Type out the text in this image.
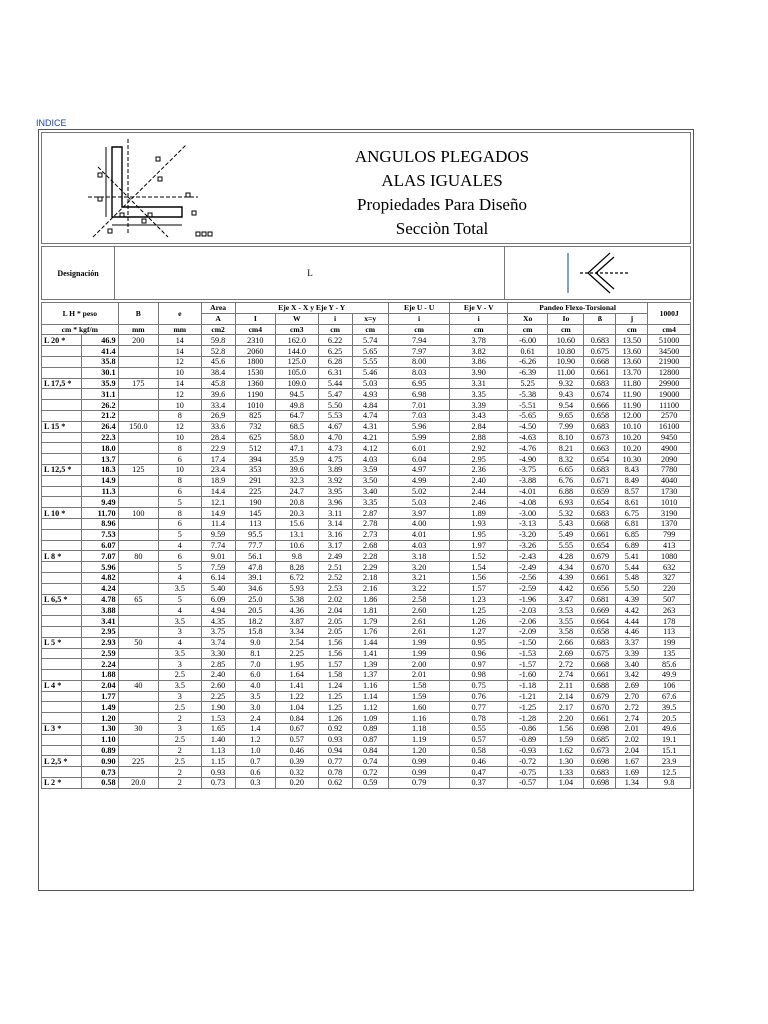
INDICE
ANGULOS PLEGADOS
ALAS IGUALES
Propiedades Para Diseño
Secciòn Total
Designación	L
L H * peso		B	e	Area	Eje X - X y Eje Y - Y				Eje U - U	Eje V - V	Pandeo Flexo-Torsional				1000J
				A	I	W	i	x=y	i	i	Xo	Io	ß	j	
cm * kgf/m		mm	mm	cm2	cm4	cm3	cm	cm	cm	cm	cm	cm		cm	cm4
L 20 *	46.9	200	14	59.8	2310	162.0	6.22	5.74	7.94	3.78	-6.00	10.60	0.683	13.50	51000
	41.4		14	52.8	2060	144.0	6.25	5.65	7.97	3.82	0.61	10.80	0.675	13.60	34500
	35.8		12	45.6	1800	125.0	6.28	5.55	8.00	3.86	-6.26	10.90	0.668	13.60	21900
	30.1		10	38.4	1530	105.0	6.31	5.46	8.03	3.90	-6.39	11.00	0.661	13.70	12800
L 17,5 *	35.9	175	14	45.8	1360	109.0	5.44	5.03	6.95	3.31	5.25	9.32	0.683	11.80	29900
	31.1		12	39.6	1190	94.5	5.47	4.93	6.98	3.35	-5.38	9.43	0.674	11.90	19000
	26.2		10	33.4	1010	49.8	5.50	4.84	7.01	3.39	-5.51	9.54	0.666	11.90	11100
	21.2		8	26.9	825	64.7	5.53	4.74	7.03	3.43	-5.65	9.65	0.658	12.00	2570
L 15 *	26.4	150.0	12	33.6	732	68.5	4.67	4.31	5.96	2.84	-4.50	7.99	0.683	10.10	16100
	22.3		10	28.4	625	58.0	4.70	4.21	5.99	2.88	-4.63	8.10	0.673	10.20	9450
	18.0		8	22.9	512	47.1	4.73	4.12	6.01	2.92	-4.76	8.21	0.663	10.20	4900
	13.7		6	17.4	394	35.9	4.75	4.03	6.04	2.95	-4.90	8.32	0.654	10.30	2090
L 12,5 *	18.3	125	10	23.4	353	39.6	3.89	3.59	4.97	2.36	-3.75	6.65	0.683	8.43	7780
	14.9		8	18.9	291	32.3	3.92	3.50	4.99	2.40	-3.88	6.76	0.671	8.49	4040
	11.3		6	14.4	225	24.7	3.95	3.40	5.02	2.44	-4.01	6.88	0.659	8.57	1730
	9.49		5	12.1	190	20.8	3.96	3.35	5.03	2.46	-4.08	6.93	0.654	8.61	1010
L 10 *	11.70	100	8	14.9	145	20.3	3.11	2.87	3.97	1.89	-3.00	5.32	0.683	6.75	3190
	8.96		6	11.4	113	15.6	3.14	2.78	4.00	1.93	-3.13	5.43	0.668	6.81	1370
	7.53		5	9.59	95.5	13.1	3.16	2.73	4.01	1.95	-3.20	5.49	0.661	6.85	799
	6.07		4	7.74	77.7	10.6	3.17	2.68	4.03	1.97	-3.26	5.55	0.654	6.89	413
L 8 *	7.07	80	6	9.01	56.1	9.8	2.49	2.28	3.18	1.52	-2.43	4.28	0.679	5.41	1080
	5.96		5	7.59	47.8	8.28	2.51	2.29	3.20	1.54	-2.49	4.34	0.670	5.44	632
	4.82		4	6.14	39.1	6.72	2.52	2.18	3.21	1.56	-2.56	4.39	0.661	5.48	327
	4.24		3.5	5.40	34.6	5.93	2.53	2.16	3.22	1.57	-2.59	4.42	0.656	5.50	220
L 6,5 *	4.78	65	5	6.09	25.0	5.38	2.02	1.86	2.58	1.23	-1.96	3.47	0.681	4.39	507
	3.88		4	4.94	20.5	4.36	2.04	1.81	2.60	1.25	-2.03	3.53	0.669	4.42	263
	3.41		3.5	4.35	18.2	3.87	2.05	1.79	2.61	1.26	-2.06	3.55	0.664	4.44	178
	2.95		3	3.75	15.8	3.34	2.05	1.76	2.61	1.27	-2.09	3.58	0.658	4.46	113
L 5 *	2.93	50	4	3.74	9.0	2.54	1.56	1.44	1.99	0.95	-1.50	2.66	0.683	3.37	199
	2.59		3.5	3.30	8.1	2.25	1.56	1.41	1.99	0.96	-1.53	2.69	0.675	3.39	135
	2.24		3	2.85	7.0	1.95	1.57	1.39	2.00	0.97	-1.57	2.72	0.668	3.40	85.6
	1.88		2.5	2.40	6.0	1.64	1.58	1.37	2.01	0.98	-1.60	2.74	0.661	3.42	49.9
L 4 *	2.04	40	3.5	2.60	4.0	1.41	1.24	1.16	1.58	0.75	-1.18	2.11	0.688	2.69	106
	1.77		3	2.25	3.5	1.22	1.25	1.14	1.59	0.76	-1.21	2.14	0.679	2.70	67.6
	1.49		2.5	1.90	3.0	1.04	1.25	1.12	1.60	0.77	-1.25	2.17	0.670	2.72	39.5
	1.20		2	1.53	2.4	0.84	1.26	1.09	1.16	0.78	-1.28	2.20	0.661	2.74	20.5
L 3 *	1.30	30	3	1.65	1.4	0.67	0.92	0.89	1.18	0.55	-0.86	1.56	0.698	2.01	49.6
	1.10		2.5	1.40	1.2	0.57	0.93	0.87	1.19	0.57	-0.89	1.59	0.685	2.02	19.1
	0.89		2	1.13	1.0	0.46	0.94	0.84	1.20	0.58	-0.93	1.62	0.673	2.04	15.1
L 2,5 *	0.90	225	2.5	1.15	0.7	0.39	0.77	0.74	0.99	0.46	-0.72	1.30	0.698	1.67	23.9
	0.73		2	0.93	0.6	0.32	0.78	0.72	0.99	0.47	-0.75	1.33	0.683	1.69	12.5
L 2 *	0.58	20.0	2	0.73	0.3	0.20	0.62	0.59	0.79	0.37	-0.57	1.04	0.698	1.34	9.8
